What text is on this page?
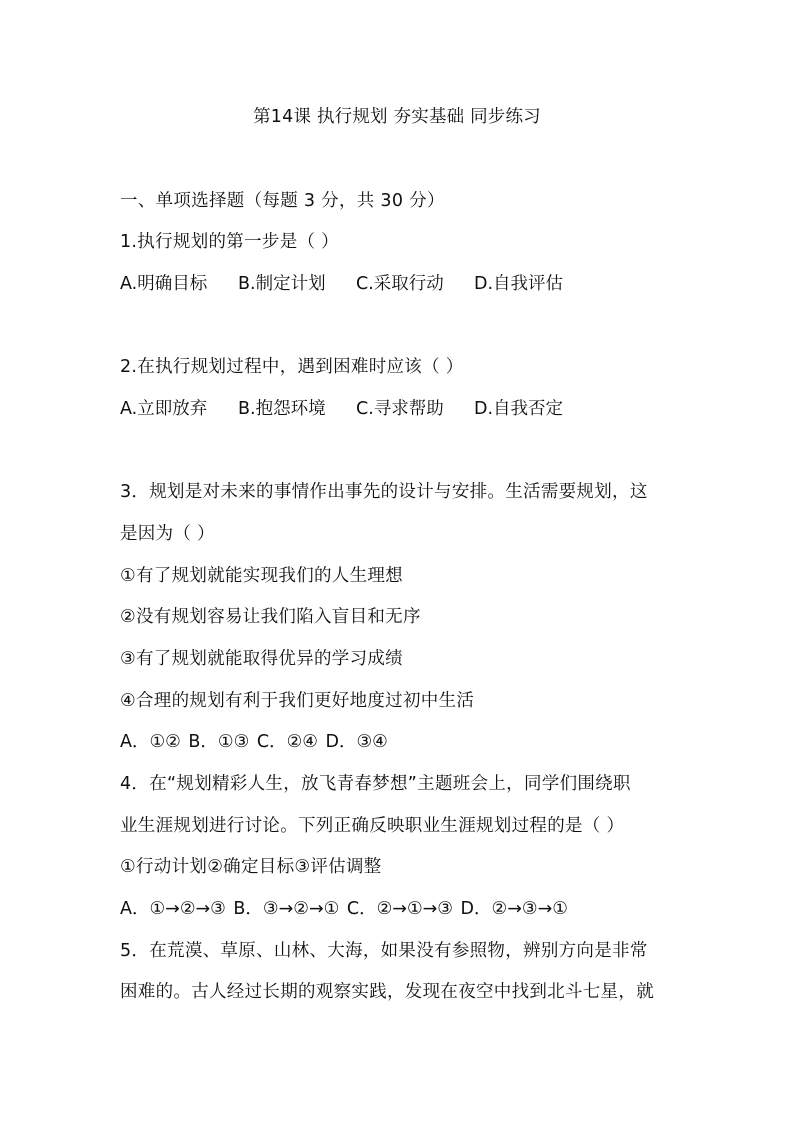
第14课 执行规划 夯实基础 同步练习
一、单项选择题（每题 3 分，共 30 分）
1.执行规划的第一步是（ ）
A.明确目标 B.制定计划 C.采取行动 D.自我评估
2.在执行规划过程中，遇到困难时应该（ ）
A.立即放弃 B.抱怨环境 C.寻求帮助 D.自我否定
3．规划是对未来的事情作出事先的设计与安排。生活需要规划，这
是因为（ ）
①有了规划就能实现我们的人生理想
②没有规划容易让我们陷入盲目和无序
③有了规划就能取得优异的学习成绩
④合理的规划有利于我们更好地度过初中生活
A．①② B．①③ C．②④ D．③④
4．在“规划精彩人生，放飞青春梦想”主题班会上，同学们围绕职
业生涯规划进行讨论。下列正确反映职业生涯规划过程的是（ ）
①行动计划②确定目标③评估调整
A．①→②→③ B．③→②→① C．②→①→③ D．②→③→①
5．在荒漠、草原、山林、大海，如果没有参照物，辨别方向是非常
困难的。古人经过长期的观察实践，发现在夜空中找到北斗七星，就
